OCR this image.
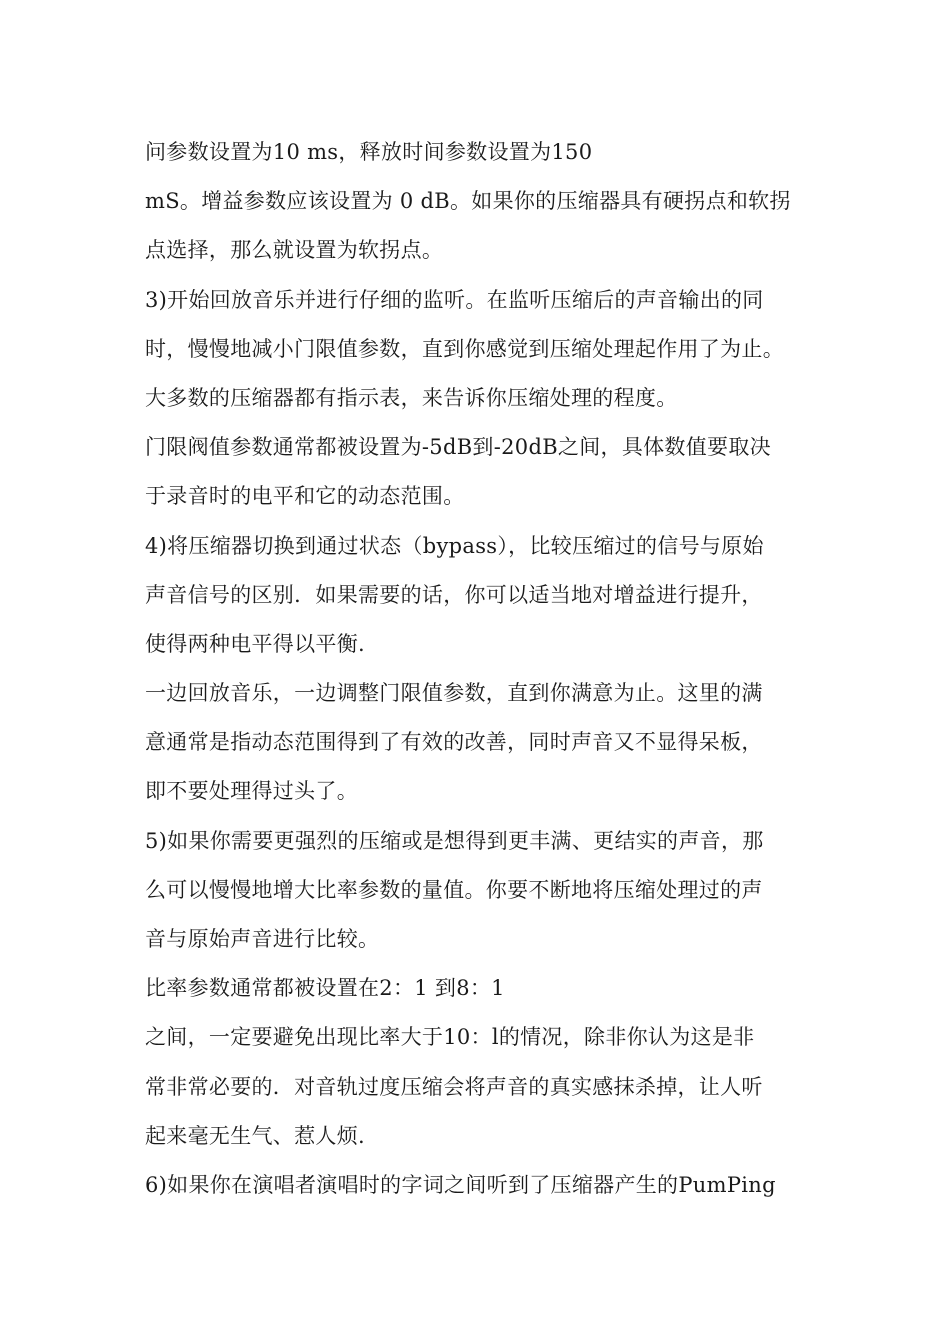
问参数设置为10 ms，释放时间参数设置为150
mS。增益参数应该设置为 0 dB。如果你的压缩器具有硬拐点和软拐
点选择，那么就设置为软拐点。
3)开始回放音乐并进行仔细的监听。在监听压缩后的声音输出的同
时，慢慢地减小门限值参数，直到你感觉到压缩处理起作用了为止。
大多数的压缩器都有指示表，来告诉你压缩处理的程度。
门限阀值参数通常都被设置为-5dB到-20dB之间，具体数值要取决
于录音时的电平和它的动态范围。
4)将压缩器切换到通过状态（bypass），比较压缩过的信号与原始
声音信号的区别．如果需要的话，你可以适当地对增益进行提升，
使得两种电平得以平衡.
一边回放音乐，一边调整门限值参数，直到你满意为止。这里的满
意通常是指动态范围得到了有效的改善，同时声音又不显得呆板，
即不要处理得过头了。
5)如果你需要更强烈的压缩或是想得到更丰满、更结实的声音，那
么可以慢慢地增大比率参数的量值。你要不断地将压缩处理过的声
音与原始声音进行比较。
比率参数通常都被设置在2：1 到8：1
之间，一定要避免出现比率大于10：l的情况，除非你认为这是非
常非常必要的．对音轨过度压缩会将声音的真实感抹杀掉，让人听
起来毫无生气、惹人烦.
6)如果你在演唱者演唱时的字词之间听到了压缩器产生的PumPing
